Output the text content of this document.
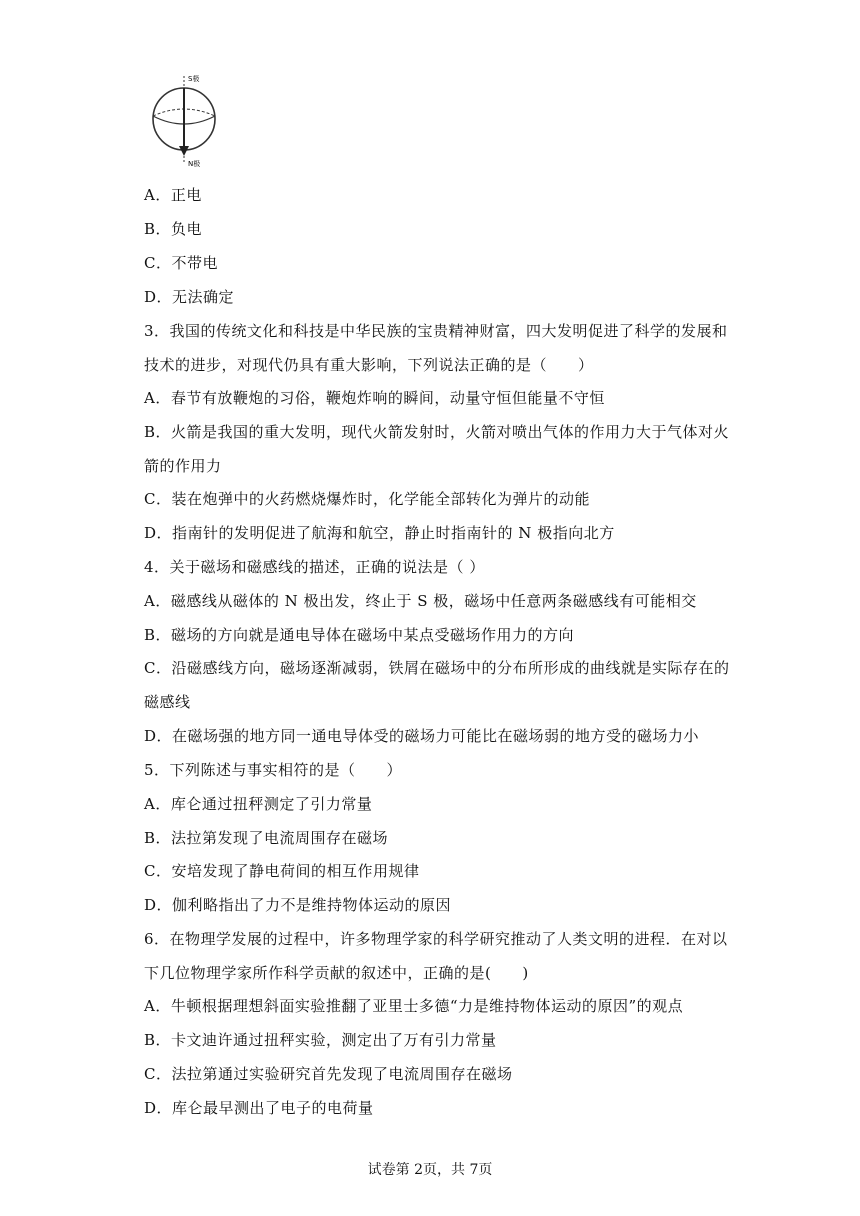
S极
N极
A．正电
B．负电
C．不带电
D．无法确定
3．我国的传统文化和科技是中华民族的宝贵精神财富，四大发明促进了科学的发展和
技术的进步，对现代仍具有重大影响，下列说法正确的是（　　）
A．春节有放鞭炮的习俗，鞭炮炸响的瞬间，动量守恒但能量不守恒
B．火箭是我国的重大发明，现代火箭发射时，火箭对喷出气体的作用力大于气体对火
箭的作用力
C．装在炮弹中的火药燃烧爆炸时，化学能全部转化为弹片的动能
D．指南针的发明促进了航海和航空，静止时指南针的 N 极指向北方
4．关于磁场和磁感线的描述，正确的说法是（ ）
A．磁感线从磁体的 N 极出发，终止于 S 极，磁场中任意两条磁感线有可能相交
B．磁场的方向就是通电导体在磁场中某点受磁场作用力的方向
C．沿磁感线方向，磁场逐渐减弱，铁屑在磁场中的分布所形成的曲线就是实际存在的
磁感线
D．在磁场强的地方同一通电导体受的磁场力可能比在磁场弱的地方受的磁场力小
5．下列陈述与事实相符的是（　　）
A．库仑通过扭秤测定了引力常量
B．法拉第发现了电流周围存在磁场
C．安培发现了静电荷间的相互作用规律
D．伽利略指出了力不是维持物体运动的原因
6．在物理学发展的过程中，许多物理学家的科学研究推动了人类文明的进程．在对以
下几位物理学家所作科学贡献的叙述中，正确的是(　　)
A．牛顿根据理想斜面实验推翻了亚里士多德“力是维持物体运动的原因”的观点
B．卡文迪许通过扭秤实验，测定出了万有引力常量
C．法拉第通过实验研究首先发现了电流周围存在磁场
D．库仑最早测出了电子的电荷量
试卷第 2页，共 7页
